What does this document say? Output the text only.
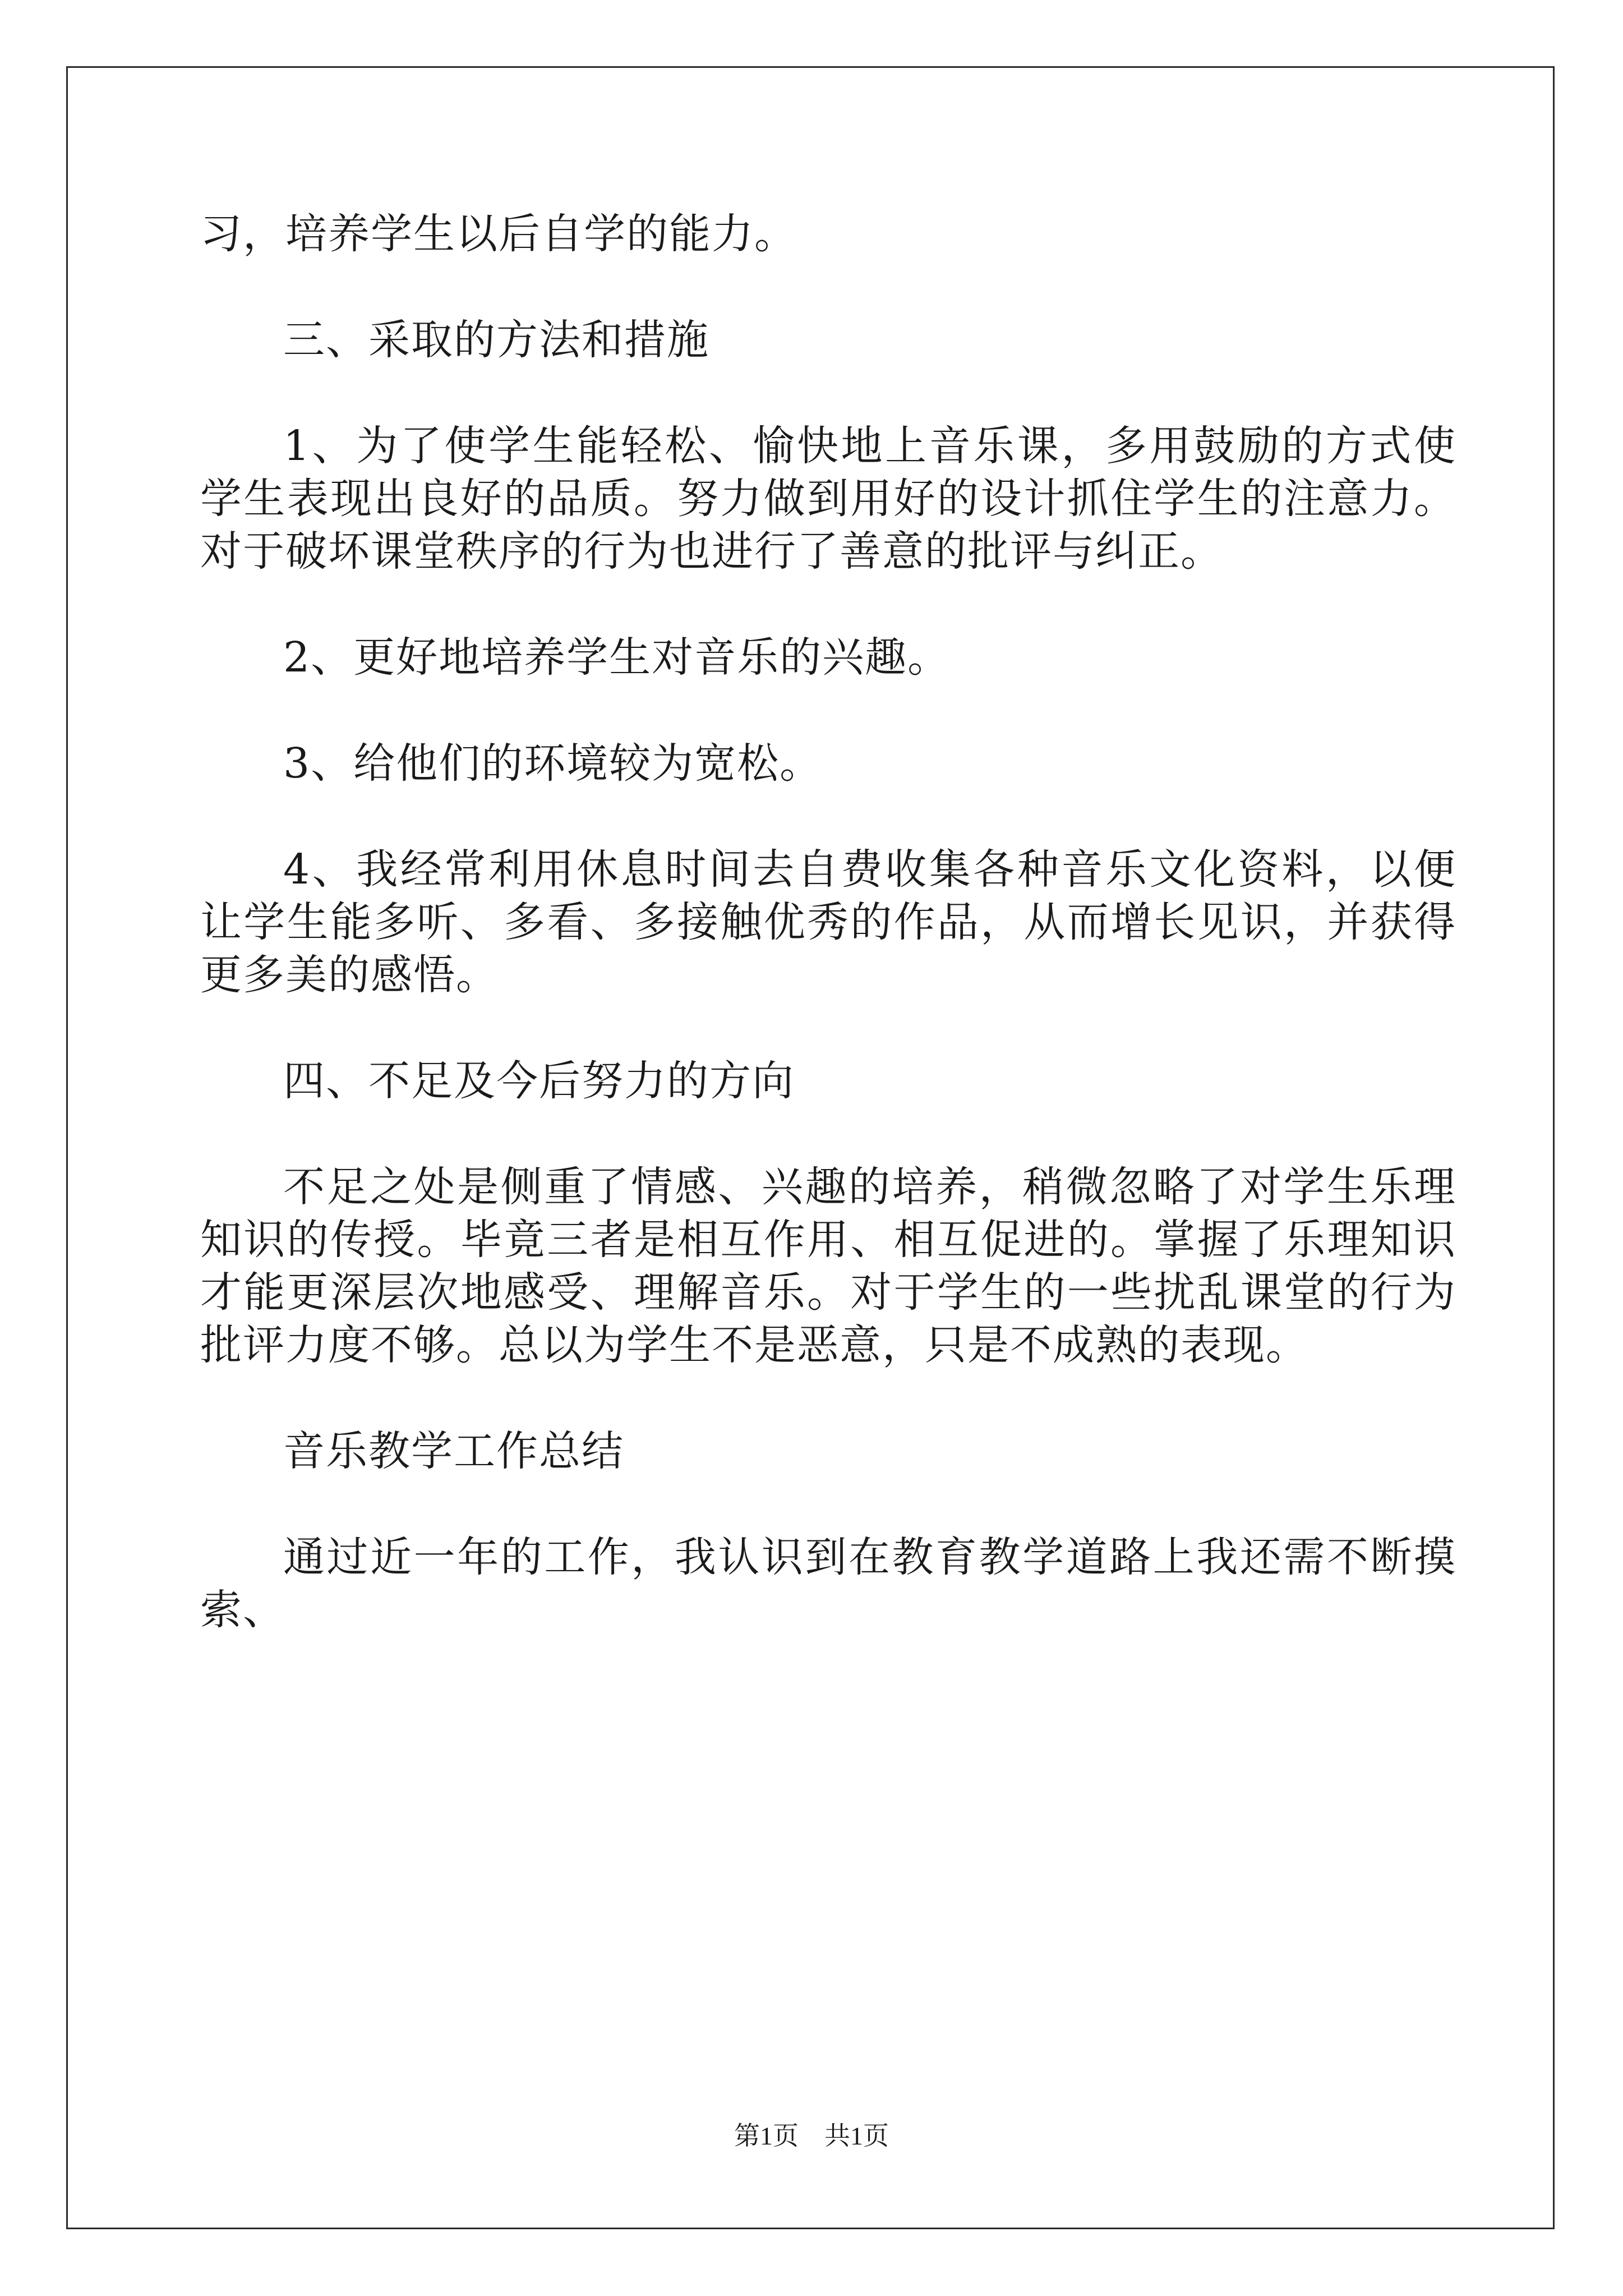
习，培养学生以后自学的能力。

三、采取的方法和措施

1、为了使学生能轻松、愉快地上音乐课，多用鼓励的方式使学生表现出良好的品质。努力做到用好的设计抓住学生的注意力。对于破坏课堂秩序的行为也进行了善意的批评与纠正。

2、更好地培养学生对音乐的兴趣。

3、给他们的环境较为宽松。

4、我经常利用休息时间去自费收集各种音乐文化资料，以便让学生能多听、多看、多接触优秀的作品，从而增长见识，并获得更多美的感悟。

四、不足及今后努力的方向

不足之处是侧重了情感、兴趣的培养，稍微忽略了对学生乐理知识的传授。毕竟三者是相互作用、相互促进的。掌握了乐理知识才能更深层次地感受、理解音乐。对于学生的一些扰乱课堂的行为批评力度不够。总以为学生不是恶意，只是不成熟的表现。

音乐教学工作总结

通过近一年的工作，我认识到在教育教学道路上我还需不断摸索、

第1页 共1页
